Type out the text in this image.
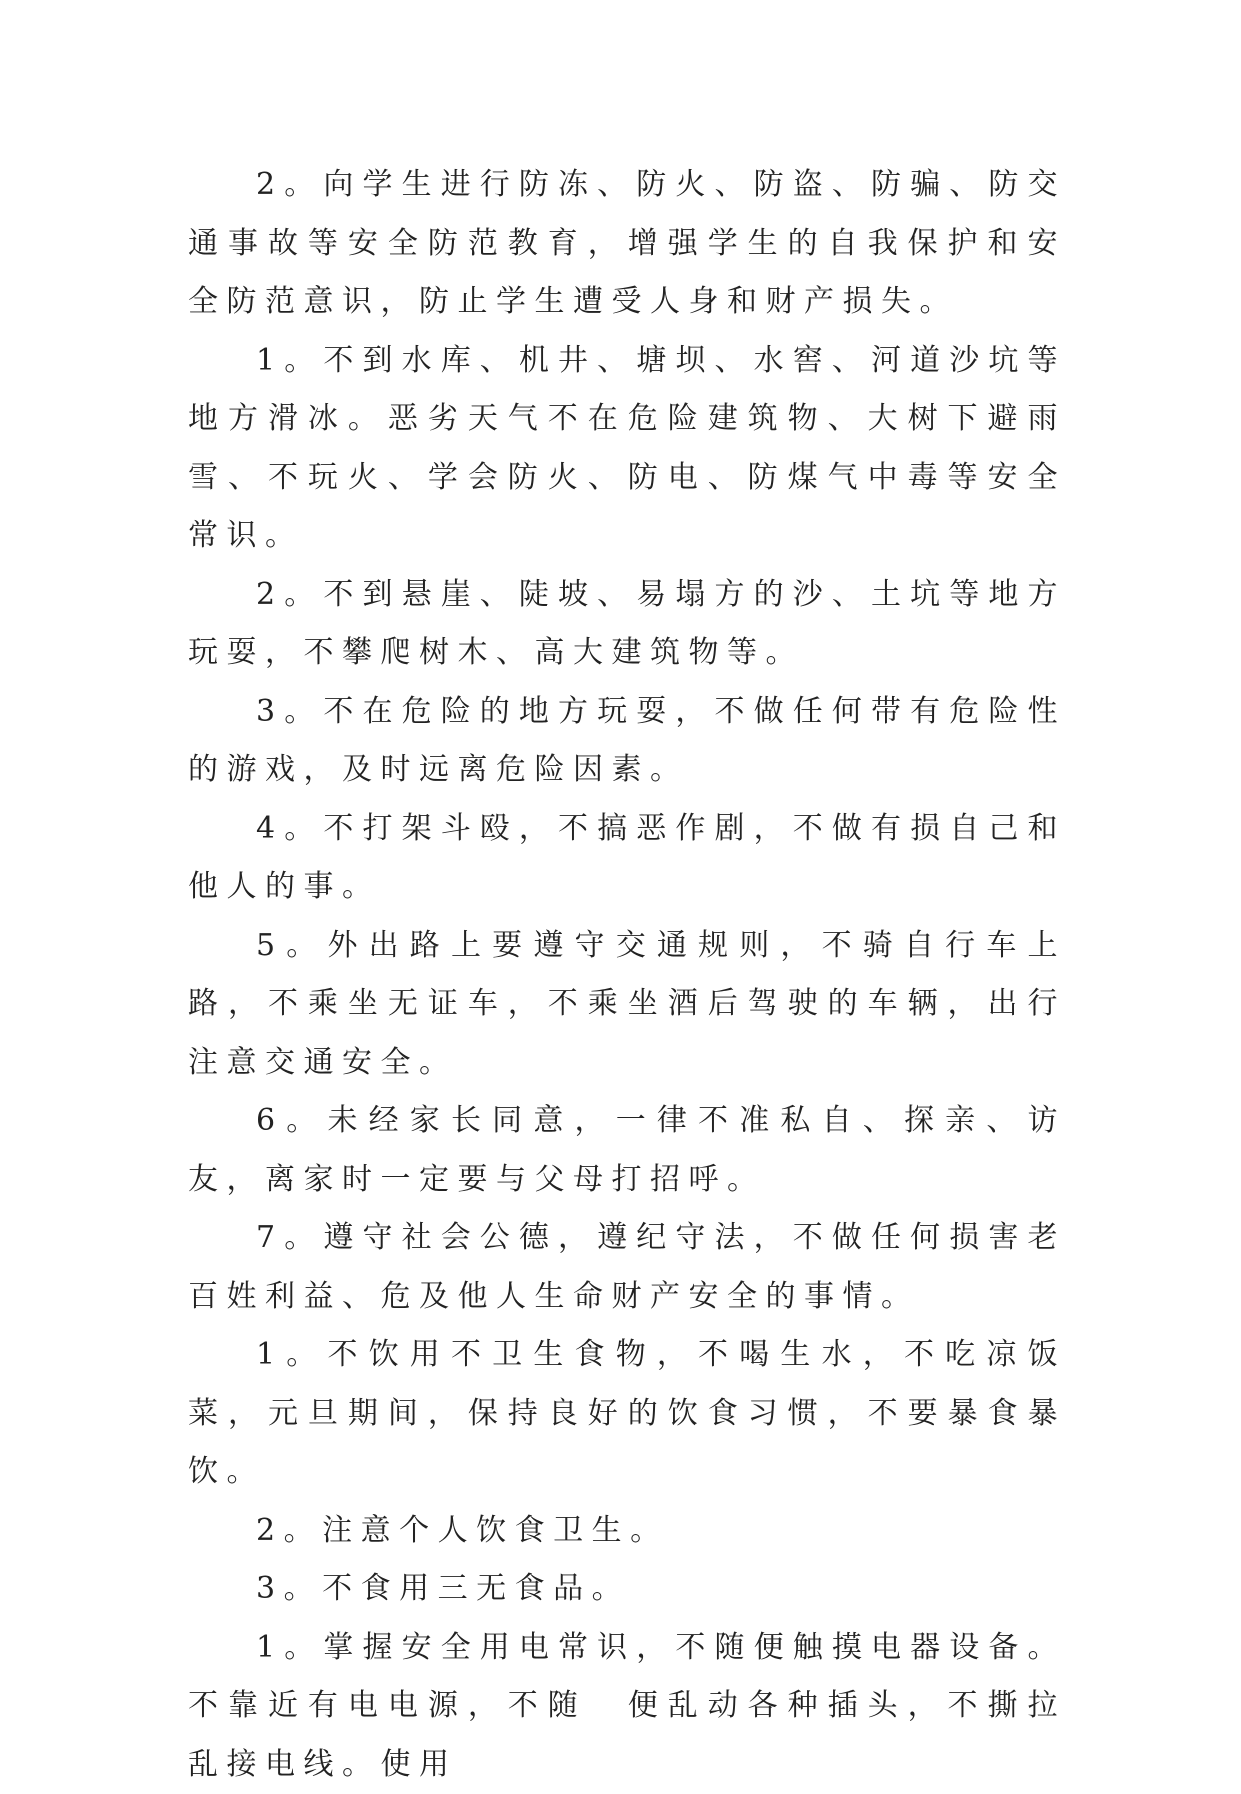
2。向学生进行防冻、防火、防盗、防骗、防交通事故等安全防范教育，增强学生的自我保护和安全防范意识，防止学生遭受人身和财产损失。

1。不到水库、机井、塘坝、水窖、河道沙坑等地方滑冰。恶劣天气不在危险建筑物、大树下避雨雪、不玩火、学会防火、防电、防煤气中毒等安全常识。

2。不到悬崖、陡坡、易塌方的沙、土坑等地方玩耍，不攀爬树木、高大建筑物等。

3。不在危险的地方玩耍，不做任何带有危险性的游戏，及时远离危险因素。

4。不打架斗殴，不搞恶作剧，不做有损自己和他人的事。

5。外出路上要遵守交通规则，不骑自行车上路，不乘坐无证车，不乘坐酒后驾驶的车辆，出行注意交通安全。

6。未经家长同意，一律不准私自、探亲、访友，离家时一定要与父母打招呼。

7。遵守社会公德，遵纪守法，不做任何损害老百姓利益、危及他人生命财产安全的事情。

1。不饮用不卫生食物，不喝生水，不吃凉饭菜，元旦期间，保持良好的饮食习惯，不要暴食暴饮。

2。注意个人饮食卫生。

3。不食用三无食品。

1。掌握安全用电常识，不随便触摸电器设备。不靠近有电电源，不随　便乱动各种插头，不撕拉乱接电线。使用
